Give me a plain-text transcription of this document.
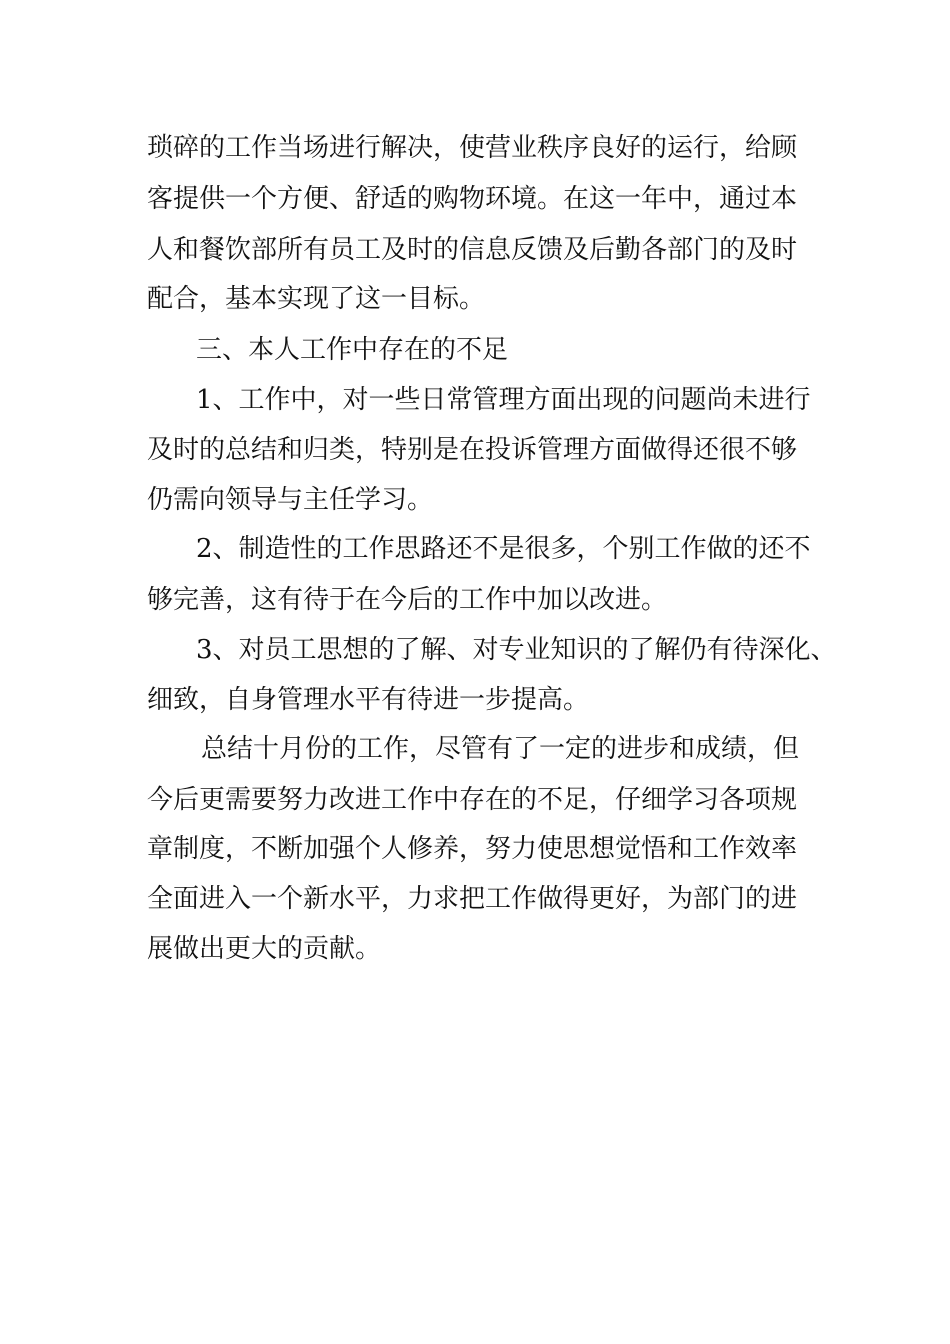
琐碎的工作当场进行解决，使营业秩序良好的运行，给顾
客提供一个方便、舒适的购物环境。在这一年中，通过本
人和餐饮部所有员工及时的信息反馈及后勤各部门的及时
配合，基本实现了这一目标。
三、本人工作中存在的不足
1、工作中，对一些日常管理方面出现的问题尚未进行
及时的总结和归类，特别是在投诉管理方面做得还很不够
仍需向领导与主任学习。
2、制造性的工作思路还不是很多，个别工作做的还不
够完善，这有待于在今后的工作中加以改进。
3、对员工思想的了解、对专业知识的了解仍有待深化、
细致，自身管理水平有待进一步提高。
总结十月份的工作，尽管有了一定的进步和成绩，但
今后更需要努力改进工作中存在的不足，仔细学习各项规
章制度，不断加强个人修养，努力使思想觉悟和工作效率
全面进入一个新水平，力求把工作做得更好，为部门的进
展做出更大的贡献。
